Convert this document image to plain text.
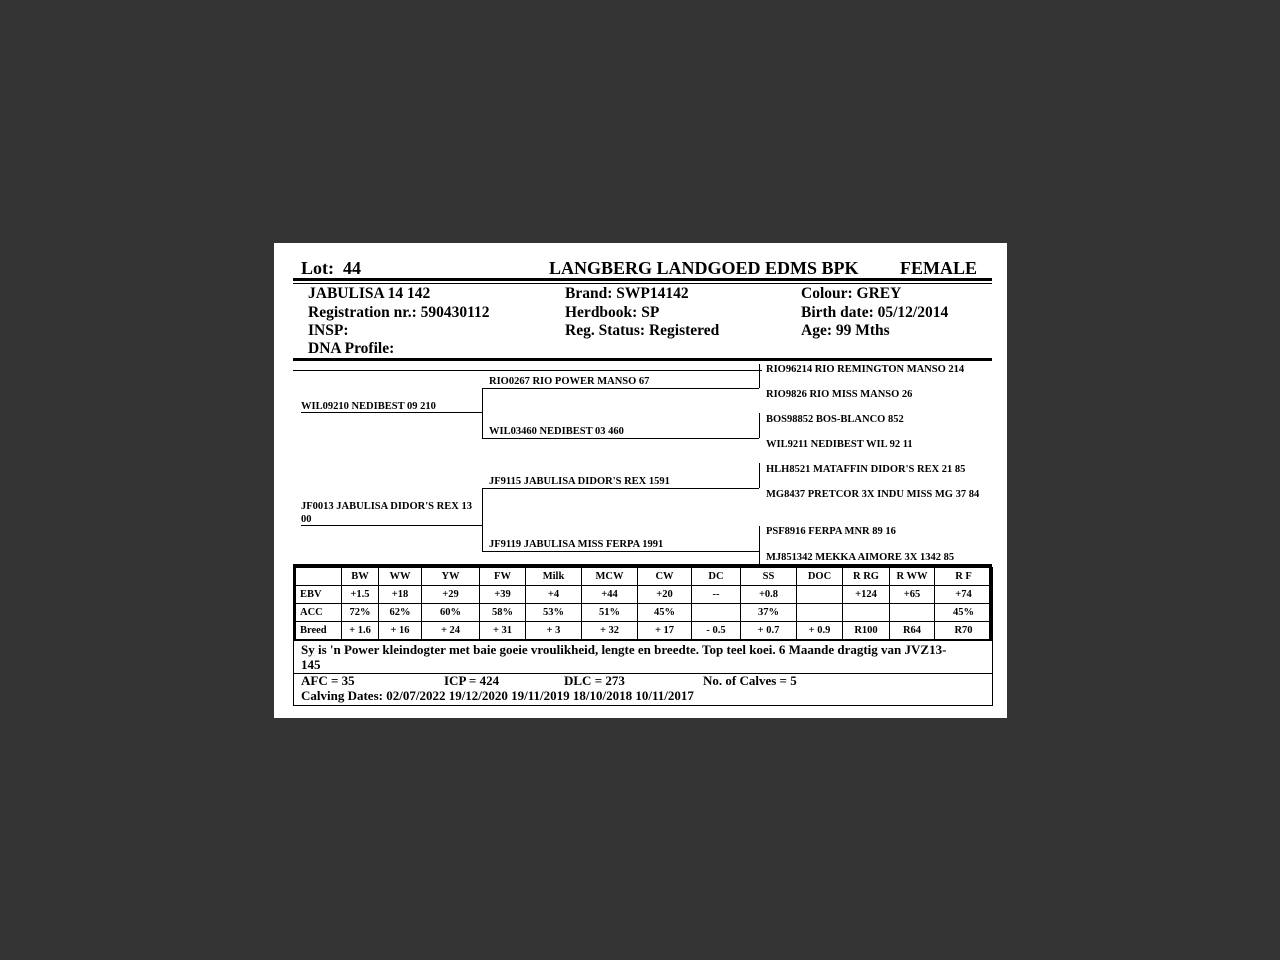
Lot: 44	LANGBERG LANDGOED EDMS BPK FEMALE
JABULISA 14 142
Registration nr.: 590430112
INSP:
DNA Profile:
Brand: SWP14142
Herdbook: SP
Reg. Status: Registered
Colour: GREY
Birth date: 05/12/2014
Age: 99 Mths
WIL09210 NEDIBEST 09 210
JF0013 JABULISA DIDOR'S REX 13
00
RIO0267 RIO POWER MANSO 67
WIL03460 NEDIBEST 03 460
JF9115 JABULISA DIDOR'S REX 1591
JF9119 JABULISA MISS FERPA 1991
RIO96214 RIO REMINGTON MANSO 214
RIO9826 RIO MISS MANSO 26
BOS98852 BOS-BLANCO 852
WIL9211 NEDIBEST WIL 92 11
HLH8521 MATAFFIN DIDOR'S REX 21 85
MG8437 PRETCOR 3X INDU MISS MG 37 84
PSF8916 FERPA MNR 89 16
MJ851342 MEKKA AIMORE 3X 1342 85
	BW	WW	YW	FW	Milk	MCW	CW	DC	SS	DOC	R RG	R WW	R F
EBV	+1.5	+18	+29	+39	+4	+44	+20	--	+0.8		+124	+65	+74
ACC	72%	62%	60%	58%	53%	51%	45%		37%				45%
Breed	+ 1.6	+ 16	+ 24	+ 31	+ 3	+ 32	+ 17	- 0.5	+ 0.7	+ 0.9	R100	R64	R70
Sy is 'n Power kleindogter met baie goeie vroulikheid, lengte en breedte. Top teel koei. 6 Maande dragtig van JVZ13-
145
AFC = 35	ICP = 424	DLC = 273	No. of Calves = 5
Calving Dates: 02/07/2022 19/12/2020 19/11/2019 18/10/2018 10/11/2017
